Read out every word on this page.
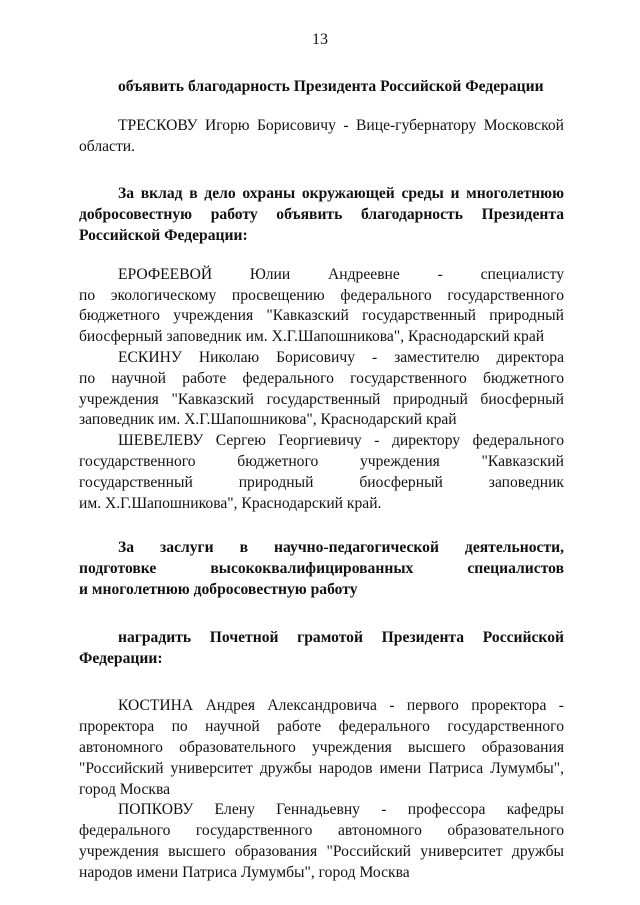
13
объявить благодарность Президента Российской Федерации
ТРЕСКОВУ Игорю Борисовичу - Вице-губернатору Московской
области.
За вклад в дело охраны окружающей среды и многолетнюю
добросовестную работу объявить благодарность Президента
Российской Федерации:
ЕРОФЕЕВОЙ Юлии Андреевне - специалисту
по экологическому просвещению федерального государственного
бюджетного учреждения "Кавказский государственный природный
биосферный заповедник им. Х.Г.Шапошникова", Краснодарский край
ЕСКИНУ Николаю Борисовичу - заместителю директора
по научной работе федерального государственного бюджетного
учреждения "Кавказский государственный природный биосферный
заповедник им. Х.Г.Шапошникова", Краснодарский край
ШЕВЕЛЕВУ Сергею Георгиевичу - директору федерального
государственного бюджетного учреждения "Кавказский
государственный природный биосферный заповедник
им. Х.Г.Шапошникова", Краснодарский край.
За заслуги в научно-педагогической деятельности,
подготовке высококвалифицированных специалистов
и многолетнюю добросовестную работу
наградить Почетной грамотой Президента Российской
Федерации:
КОСТИНА Андрея Александровича - первого проректора -
проректора по научной работе федерального государственного
автономного образовательного учреждения высшего образования
"Российский университет дружбы народов имени Патриса Лумумбы",
город Москва
ПОПКОВУ Елену Геннадьевну - профессора кафедры
федерального государственного автономного образовательного
учреждения высшего образования "Российский университет дружбы
народов имени Патриса Лумумбы", город Москва
